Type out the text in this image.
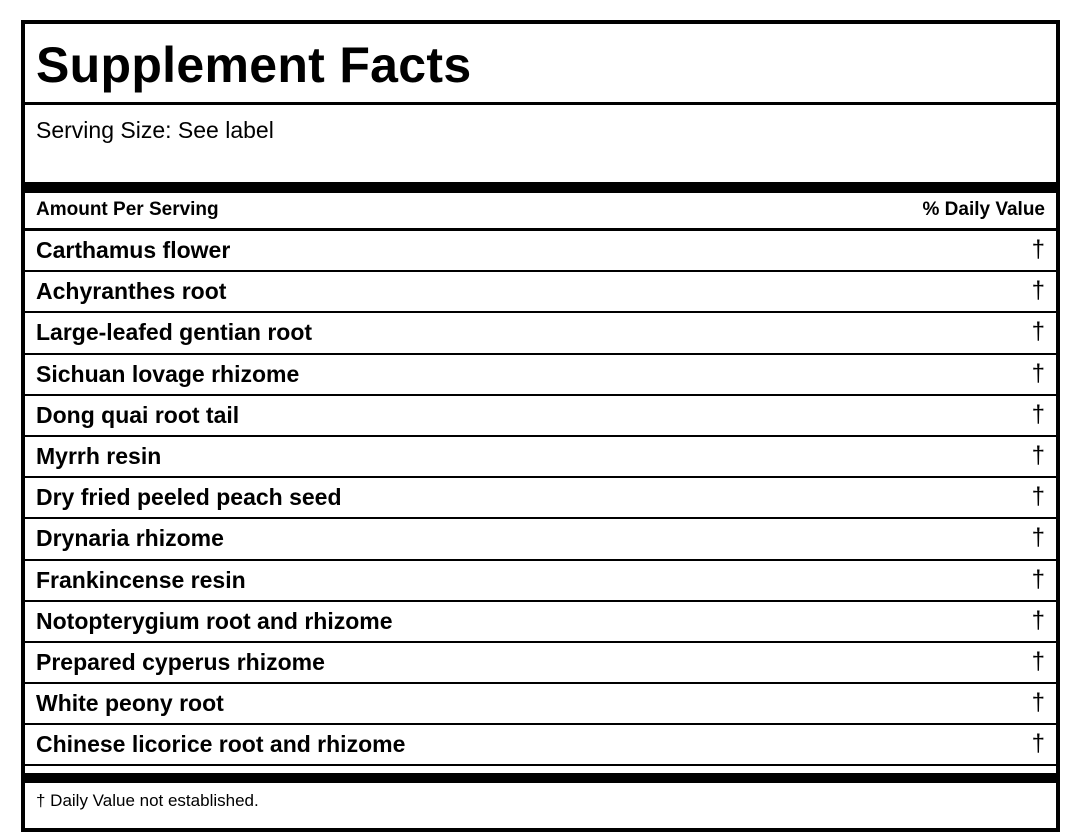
Supplement Facts
Serving Size: See label
Amount Per Serving	% Daily Value
Carthamus flower	†
Achyranthes root	†
Large-leafed gentian root	†
Sichuan lovage rhizome	†
Dong quai root tail	†
Myrrh resin	†
Dry fried peeled peach seed	†
Drynaria rhizome	†
Frankincense resin	†
Notopterygium root and rhizome	†
Prepared cyperus rhizome	†
White peony root	†
Chinese licorice root and rhizome	†
† Daily Value not established.
